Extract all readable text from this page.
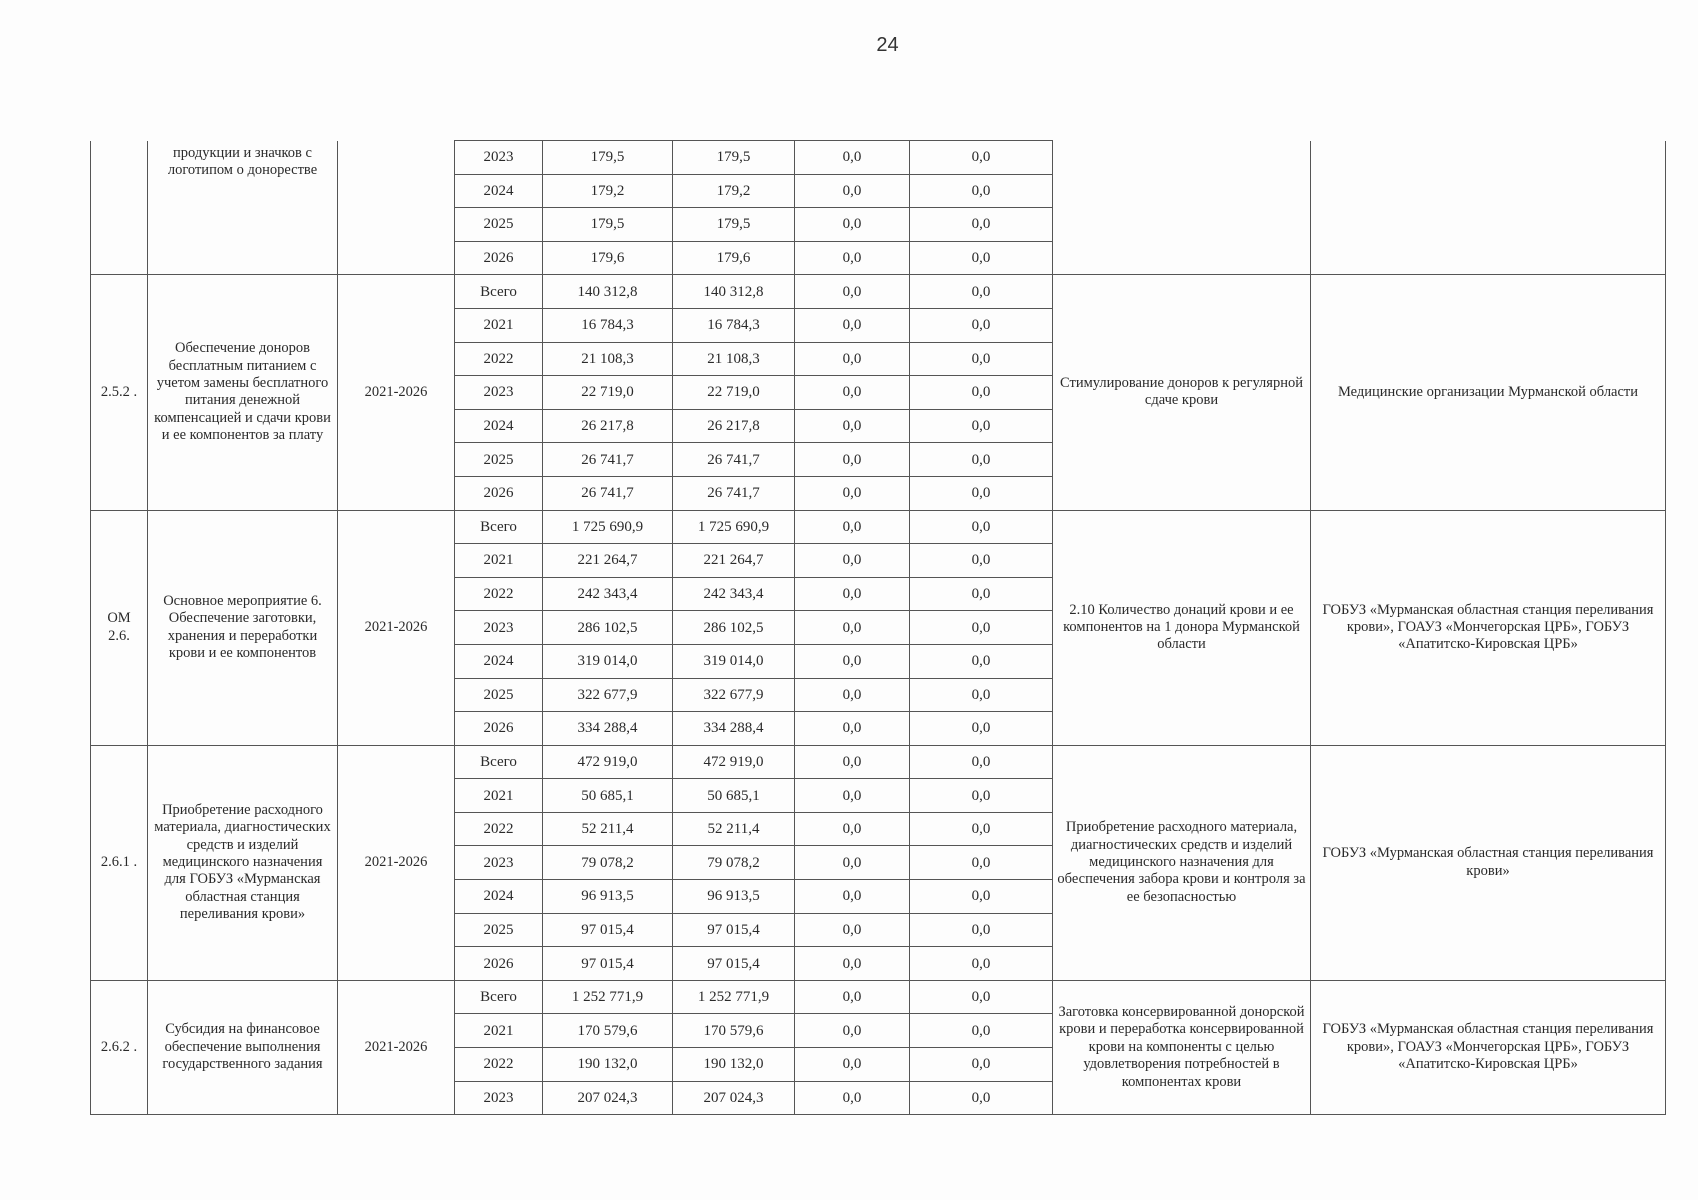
24
	продукции и значков с логотипом о донорестве		2023	179,5	179,5	0,0	0,0		
			2024	179,2	179,2	0,0	0,0		
			2025	179,5	179,5	0,0	0,0		
			2026	179,6	179,6	0,0	0,0		
2.5.2 .	Обеспечение доноров бесплатным питанием с учетом замены бесплатного питания денежной компенсацией и сдачи крови и ее компонентов за плату	2021-2026	Всего	140 312,8	140 312,8	0,0	0,0	Стимулирование доноров к регулярной сдаче крови	Медицинские организации Мурманской области
			2021	16 784,3	16 784,3	0,0	0,0		
			2022	21 108,3	21 108,3	0,0	0,0		
			2023	22 719,0	22 719,0	0,0	0,0		
			2024	26 217,8	26 217,8	0,0	0,0		
			2025	26 741,7	26 741,7	0,0	0,0		
			2026	26 741,7	26 741,7	0,0	0,0		
ОМ 2.6.	Основное мероприятие 6. Обеспечение заготовки, хранения и переработки крови и ее компонентов	2021-2026	Всего	1 725 690,9	1 725 690,9	0,0	0,0	2.10 Количество донаций крови и ее компонентов на 1 донора Мурманской области	ГОБУЗ «Мурманская областная станция переливания крови», ГОАУЗ «Мончегорская ЦРБ», ГОБУЗ «Апатитско-Кировская ЦРБ»
			2021	221 264,7	221 264,7	0,0	0,0		
			2022	242 343,4	242 343,4	0,0	0,0		
			2023	286 102,5	286 102,5	0,0	0,0		
			2024	319 014,0	319 014,0	0,0	0,0		
			2025	322 677,9	322 677,9	0,0	0,0		
			2026	334 288,4	334 288,4	0,0	0,0		
2.6.1 .	Приобретение расходного материала, диагностических средств и изделий медицинского назначения для ГОБУЗ «Мурманская областная станция переливания крови»	2021-2026	Всего	472 919,0	472 919,0	0,0	0,0	Приобретение расходного материала, диагностических средств и изделий медицинского назначения для обеспечения забора крови и контроля за ее безопасностью	ГОБУЗ «Мурманская областная станция переливания крови»
			2021	50 685,1	50 685,1	0,0	0,0		
			2022	52 211,4	52 211,4	0,0	0,0		
			2023	79 078,2	79 078,2	0,0	0,0		
			2024	96 913,5	96 913,5	0,0	0,0		
			2025	97 015,4	97 015,4	0,0	0,0		
			2026	97 015,4	97 015,4	0,0	0,0		
2.6.2 .	Субсидия на финансовое обеспечение выполнения государственного задания	2021-2026	Всего	1 252 771,9	1 252 771,9	0,0	0,0	Заготовка консервированной донорской крови и переработка консервированной крови на компоненты с целью удовлетворения потребностей в компонентах крови	ГОБУЗ «Мурманская областная станция переливания крови», ГОАУЗ «Мончегорская ЦРБ», ГОБУЗ «Апатитско-Кировская ЦРБ»
			2021	170 579,6	170 579,6	0,0	0,0		
			2022	190 132,0	190 132,0	0,0	0,0		
			2023	207 024,3	207 024,3	0,0	0,0		
